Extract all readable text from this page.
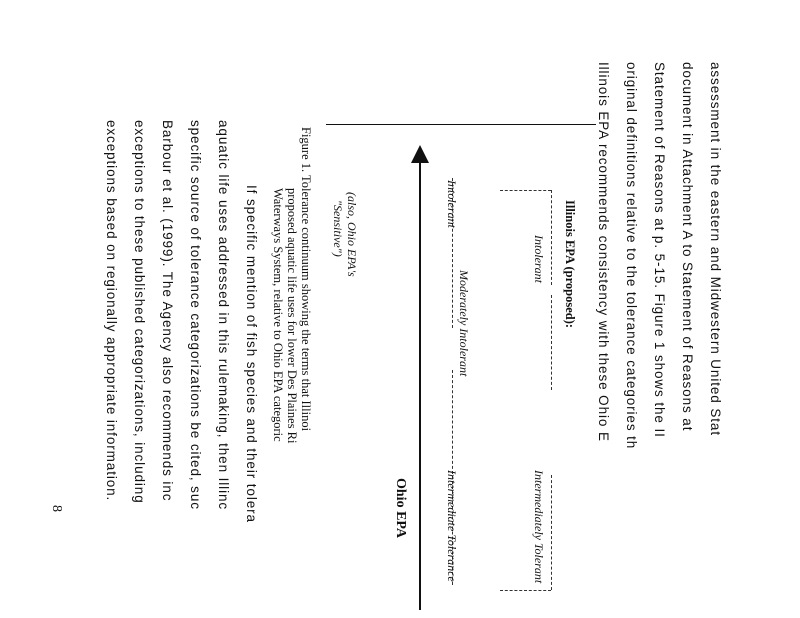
assessment in the eastern and Midwestern United Stat
document in Attachment A to Statement of Reasons at
Statement of Reasons at p. 5-15. Figure 1 shows the II
original definitions relative to the tolerance categories th
Illinois EPA recommends consistency with these Ohio E
Illinois EPA (proposed):
Intolerant
Moderately Intolerant
Intermediately Tolerant
Intolerant
Intermediate Tolerance
Ohio EPA
(also, Ohio EPA's
"Sensitive")
Figure 1. Tolerance continuum showing the terms that Illinoi
proposed aquatic life uses for lower Des Plaines Ri
Waterways System, relative to Ohio EPA categoric
If specific mention of fish species and their tolera
aquatic life uses addressed in this rulemaking, then Illinc
specific source of tolerance categorizations be cited, suc
Barbour et al. (1999). The Agency also recommends inc
exceptions to these published categorizations, including
exceptions based on regionally appropriate information.
8
